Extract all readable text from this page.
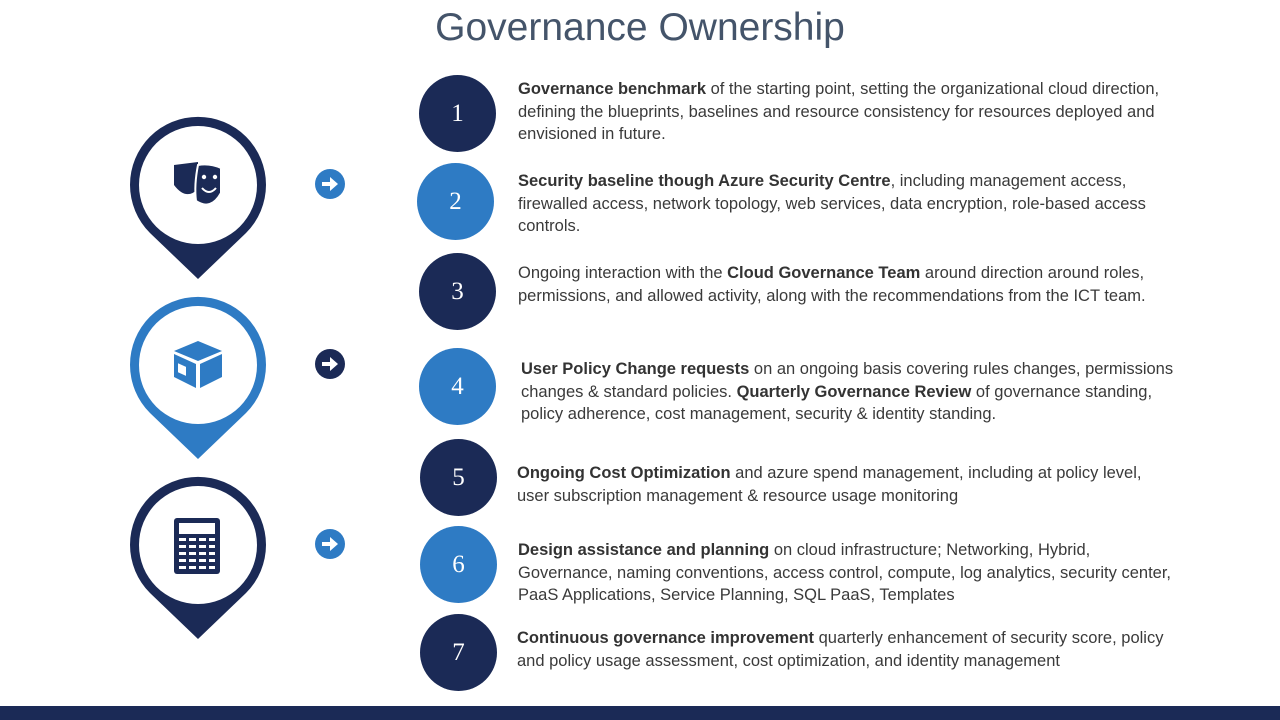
Governance Ownership
1
Governance benchmark of the starting point, setting the organizational cloud direction, defining the blueprints, baselines and resource consistency for resources deployed and envisioned in future.
2
Security baseline though Azure Security Centre, including management access, firewalled access, network topology, web services, data encryption, role-based access controls.
3
Ongoing interaction with the Cloud Governance Team around direction around roles, permissions, and allowed activity, along with the recommendations from the ICT team.
4
User Policy Change requests on an ongoing basis covering rules changes, permissions changes & standard policies. Quarterly Governance Review of governance standing, policy adherence, cost management, security & identity standing.
5	Ongoing Cost Optimization and azure spend management, including at policy level, user subscription management & resource usage monitoring
6
Design assistance and planning on cloud infrastructure; Networking, Hybrid, Governance, naming conventions, access control, compute, log analytics, security center, PaaS Applications, Service Planning, SQL PaaS, Templates
7
Continuous governance improvement quarterly enhancement of security score, policy and policy usage assessment, cost optimization, and identity management
